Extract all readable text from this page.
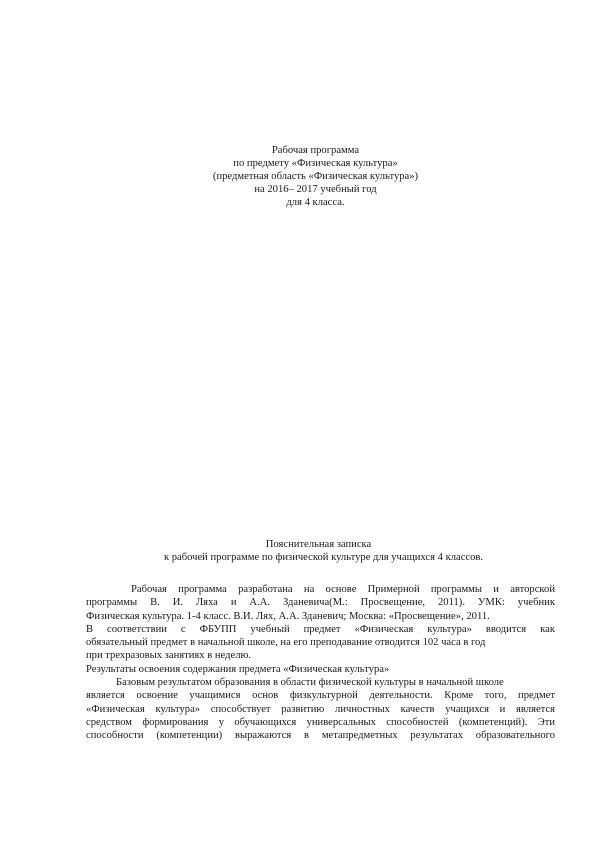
Рабочая программа
по предмету «Физическая культура»
(предметная область «Физическая культура»)
на 2016– 2017 учебный год
для 4 класса.
Пояснительная записка
к рабочей программе по физической культуре для учащихся 4 классов.
Рабочая программа разработана на основе Примерной программы и авторской
программы В. И. Ляха и А.А. Зданевича(М.: Просвещение, 2011). УМК: учебник
Физическая культура. 1-4 класс. В.И. Лях, А.А. Зданевич; Москва: «Просвещение», 2011.
В соответствии с ФБУПП учебный предмет «Физическая культура» вводится как
обязательный предмет в начальной школе, на его преподавание отводится 102 часа в год
при трехразовых занятиях в неделю.
Результаты освоения содержания предмета «Физическая культура»
Базовым результатом образования в области физической культуры в начальной школе
является освоение учащимися основ физкультурной деятельности. Кроме того, предмет
«Физическая культура» способствует развитию личностных качеств учащихся и является
средством формирования у обучающихся универсальных способностей (компетенций). Эти
способности (компетенции) выражаются в метапредметных результатах образовательного
